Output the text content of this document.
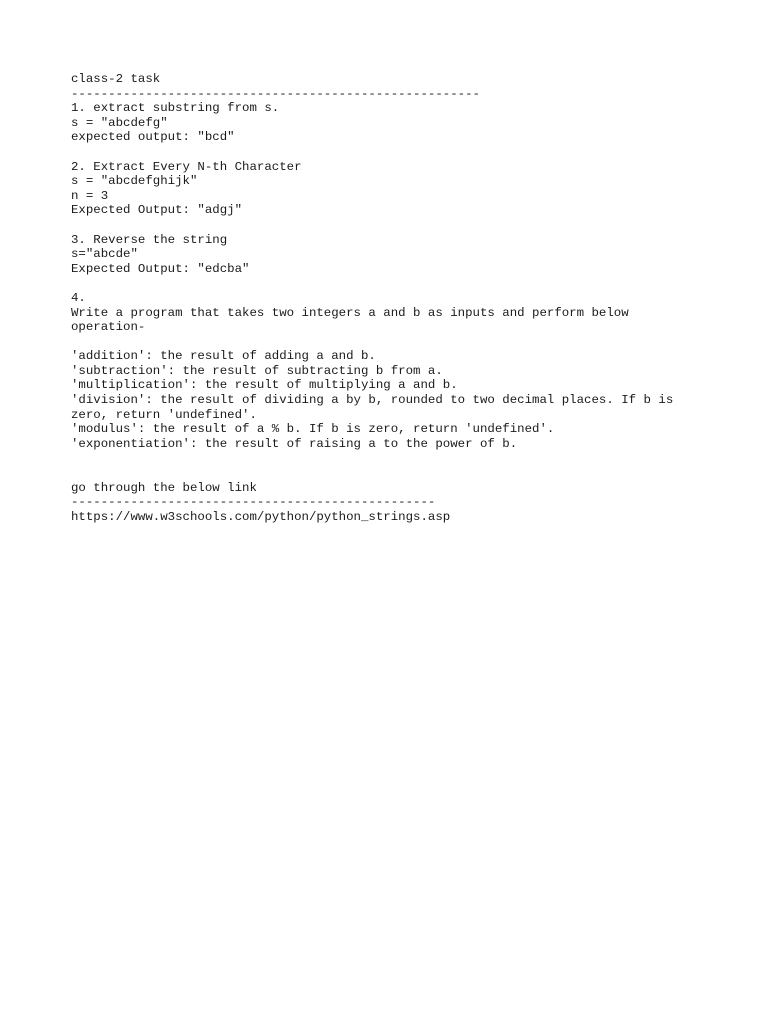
class-2 task
-------------------------------------------------------
1. extract substring from s.
s = "abcdefg"
expected output: "bcd"
2. Extract Every N-th Character
s = "abcdefghijk"
n = 3
Expected Output: "adgj"
3. Reverse the string
s="abcde"
Expected Output: "edcba"
4.
Write a program that takes two integers a and b as inputs and perform below
operation-
'addition': the result of adding a and b.
'subtraction': the result of subtracting b from a.
'multiplication': the result of multiplying a and b.
'division': the result of dividing a by b, rounded to two decimal places. If b is
zero, return 'undefined'.
'modulus': the result of a % b. If b is zero, return 'undefined'.
'exponentiation': the result of raising a to the power of b.
go through the below link
-------------------------------------------------
https://www.w3schools.com/python/python_strings.asp
